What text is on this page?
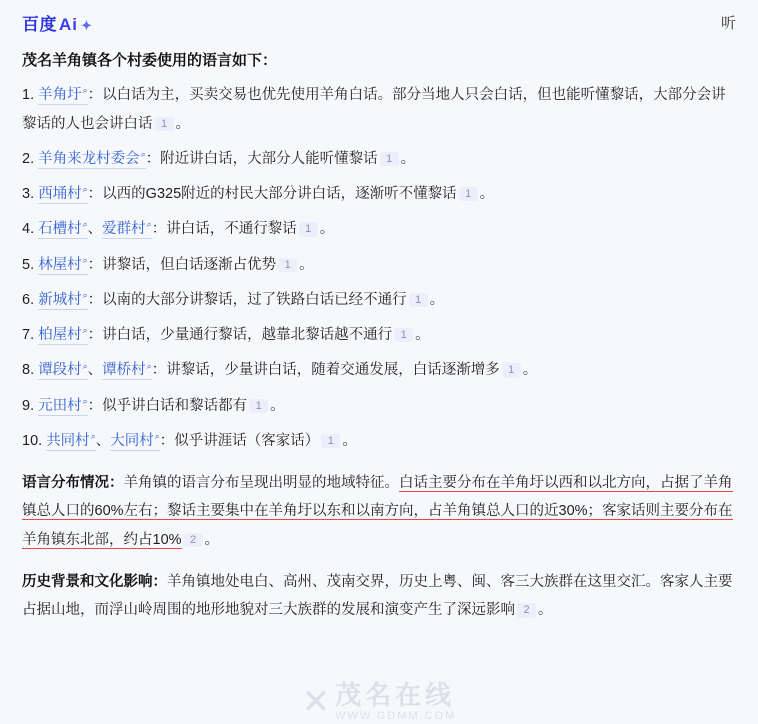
百度 Ai ✦	听
茂名羊角镇各个村委使用的语言如下：
1. 羊角圩⌕：以白话为主，买卖交易也优先使用羊角白话。部分当地人只会白话，但也能听懂黎话，大部分会讲黎话的人也会讲白话 1 。
2. 羊角来龙村委会⌕：附近讲白话，大部分人能听懂黎话 1 。
3. 西埇村⌕：以西的G325附近的村民大部分讲白话，逐渐听不懂黎话 1 。
4. 石槽村⌕、爱群村⌕：讲白话，不通行黎话 1 。
5. 林屋村⌕：讲黎话，但白话逐渐占优势 1 。
6. 新城村⌕：以南的大部分讲黎话，过了铁路白话已经不通行 1 。
7. 柏屋村⌕：讲白话，少量通行黎话，越靠北黎话越不通行 1 。
8. 谭段村⌕、谭桥村⌕：讲黎话，少量讲白话，随着交通发展，白话逐渐增多 1 。
9. 元田村⌕：似乎讲白话和黎话都有 1 。
10. 共同村⌕、大同村⌕：似乎讲涯话（客家话） 1 。
语言分布情况：羊角镇的语言分布呈现出明显的地域特征。白话主要分布在羊角圩以西和以北方向，占据了羊角镇总人口的60%左右；黎话主要集中在羊角圩以东和以南方向，占羊角镇总人口的近30%；客家话则主要分布在羊角镇东北部，约占10% 2 。
历史背景和文化影响：羊角镇地处电白、高州、茂南交界，历史上粤、闽、客三大族群在这里交汇。客家人主要占据山地，而浮山岭周围的地形地貌对三大族群的发展和演变产生了深远影响 2 。
✕ 茂名在线
WWW.GDMM.COM
